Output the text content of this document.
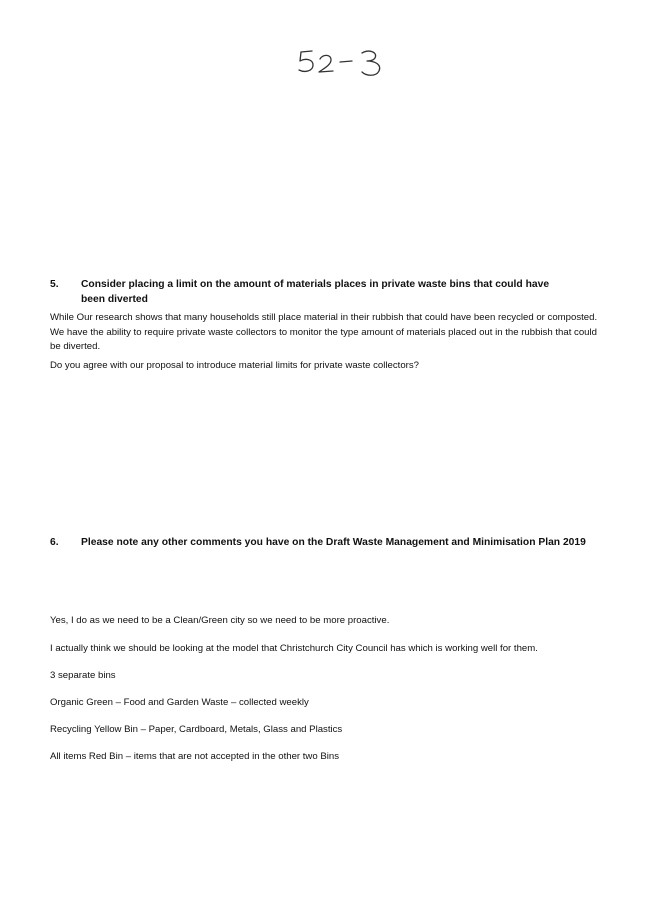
5.	Consider placing a limit on the amount of materials places in private waste bins that could have been diverted

While Our research shows that many households still place material in their rubbish that could have been recycled or composted. We have the ability to require private waste collectors to monitor the type amount of materials placed out in the rubbish that could be diverted.

Do you agree with our proposal to introduce material limits for private waste collectors?

6.	Please note any other comments you have on the Draft Waste Management and Minimisation Plan 2019

Yes, I do as we need to be a Clean/Green city so we need to be more proactive.

I actually think we should be looking at the model that Christchurch City Council has which is working well for them.

3 separate bins

Organic Green – Food and Garden Waste – collected weekly

Recycling Yellow Bin – Paper, Cardboard, Metals, Glass and Plastics

All items Red Bin – items that are not accepted in the other two Bins
